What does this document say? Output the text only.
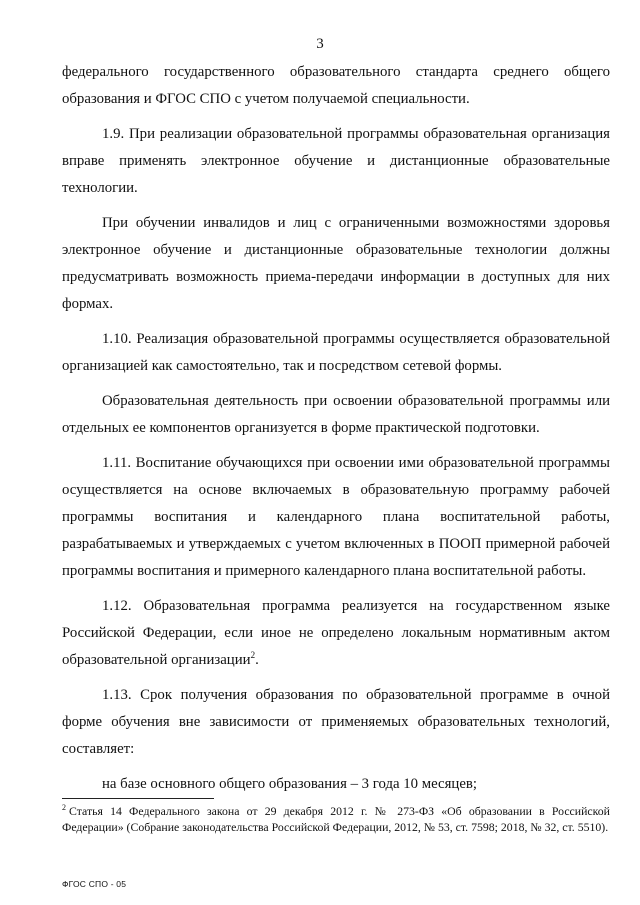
3

федерального государственного образовательного стандарта среднего общего образования и ФГОС СПО с учетом получаемой специальности.

1.9. При реализации образовательной программы образовательная организация вправе применять электронное обучение и дистанционные образовательные технологии.

При обучении инвалидов и лиц с ограниченными возможностями здоровья электронное обучение и дистанционные образовательные технологии должны предусматривать возможность приема-передачи информации в доступных для них формах.

1.10. Реализация образовательной программы осуществляется образовательной организацией как самостоятельно, так и посредством сетевой формы.

Образовательная деятельность при освоении образовательной программы или отдельных ее компонентов организуется в форме практической подготовки.

1.11. Воспитание обучающихся при освоении ими образовательной программы осуществляется на основе включаемых в образовательную программу рабочей программы воспитания и календарного плана воспитательной работы, разрабатываемых и утверждаемых с учетом включенных в ПООП примерной рабочей программы воспитания и примерного календарного плана воспитательной работы.

1.12. Образовательная программа реализуется на государственном языке Российской Федерации, если иное не определено локальным нормативным актом образовательной организации$^2$.

1.13. Срок получения образования по образовательной программе в очной форме обучения вне зависимости от применяемых образовательных технологий, составляет:

на базе основного общего образования – 3 года 10 месяцев;

$^2$ Статья 14 Федерального закона от 29 декабря 2012 г. № 273-ФЗ «Об образовании в Российской Федерации» (Собрание законодательства Российской Федерации, 2012, № 53, ст. 7598; 2018, № 32, ст. 5510).

ФГОС СПО - 05
